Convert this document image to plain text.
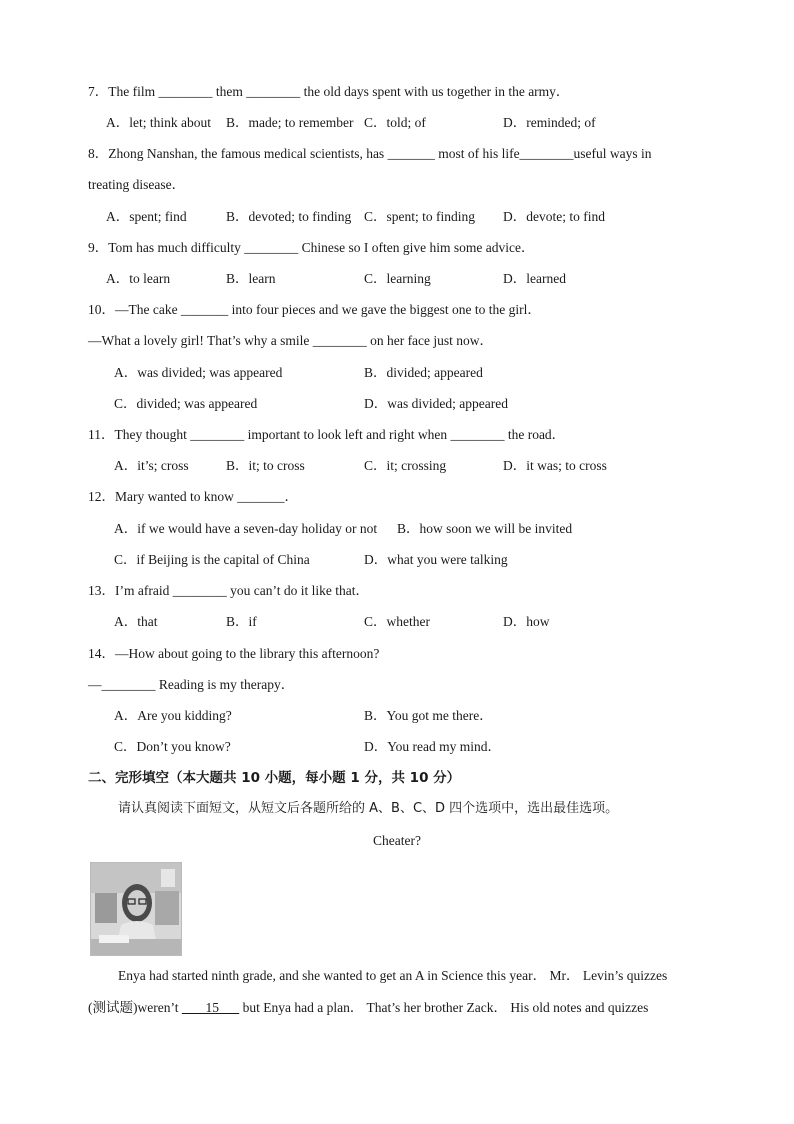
7．The film ________ them ________ the old days spent with us together in the army．
A．let; think about B．made; to remember C．told; of	D．reminded; of
8．Zhong Nanshan, the famous medical scientists, has _______ most of his life________useful ways in
treating disease．
A．spent; find	B．devoted; to finding C．spent; to finding D．devote; to find
9．Tom has much difficulty ________ Chinese so I often give him some advice．
A．to learn	B．learn	C．learning	D．learned
10．—The cake _______ into four pieces and we gave the biggest one to the girl．
—What a lovely girl! That’s why a smile ________ on her face just now．
A．was divided; was appeared	B．divided; appeared
C．divided; was appeared	D．was divided; appeared
11．They thought ________ important to look left and right when ________ the road．
A．it’s; cross	B．it; to cross	C．it; crossing	D．it was; to cross
12．Mary wanted to know _______．
A．if we would have a seven-day holiday or not B．how soon we will be invited
C．if Beijing is the capital of China	D．what you were talking
13．I’m afraid ________ you can’t do it like that．
A．that	B．if	C．whether	D．how
14．—How about going to the library this afternoon?
—________ Reading is my therapy．
A．Are you kidding?	B．You got me there．
C．Don’t you know?	D．You read my mind．
二、完形填空（本大题共 10 小题，每小题 1 分，共 10 分）
请认真阅读下面短文，从短文后各题所给的 A、B、C、D 四个选项中，选出最佳选项。
Cheater?
Enya had started ninth grade, and she wanted to get an A in Science this year． Mr． Levin’s quizzes
(测试题)weren’t        15       but Enya had a plan． That’s her brother Zack． His old notes and quizzes
